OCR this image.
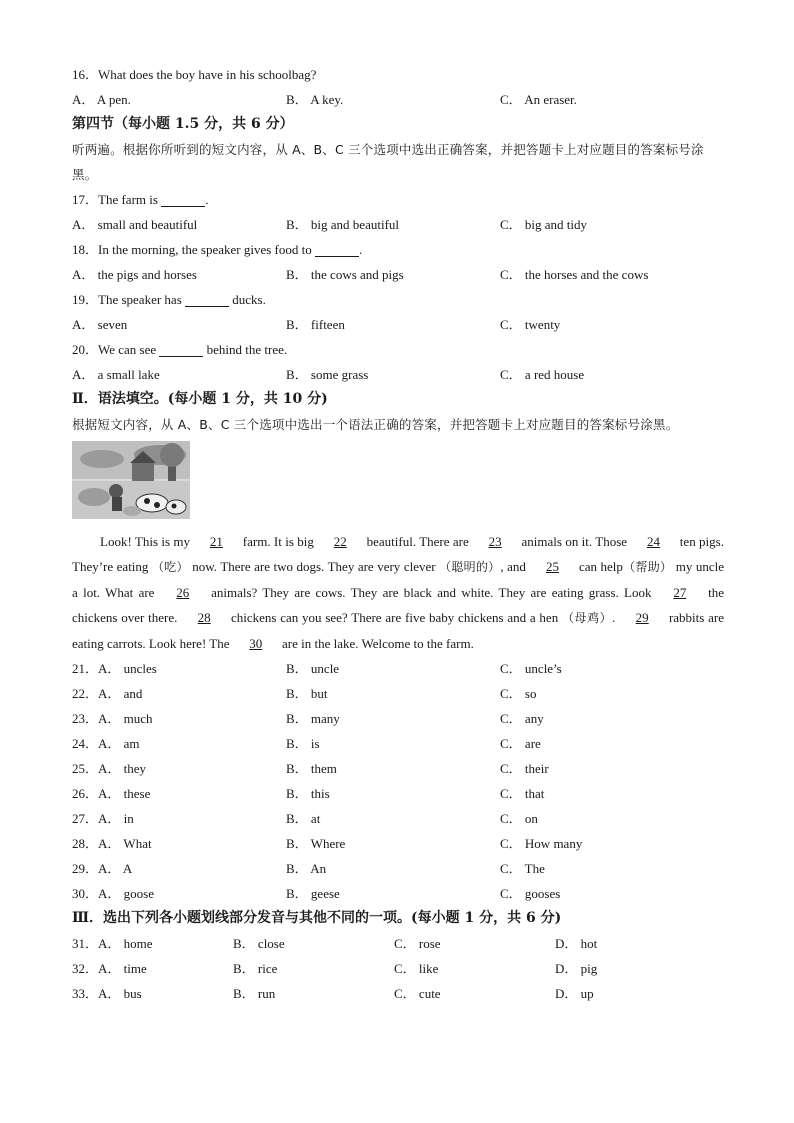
16．What does the boy have in his schoolbag?
A． A pen.	B． A key.	C． An eraser.
第四节（每小题 1.5 分，共 6 分）
听两遍。根据你所听到的短文内容，从 A、B、C 三个选项中选出正确答案，并把答题卡上对应题目的答案标号涂黑。
17．The farm is	.
A． small and beautiful	B． big and beautiful	C． big and tidy
18．In the morning, the speaker gives food to	.
A． the pigs and horses	B． the cows and pigs	C． the horses and the cows
19．The speaker has	ducks.
A． seven	B． fifteen	C． twenty
20．We can see	behind the tree.
A． a small lake	B． some grass	C． a red house
Ⅱ．语法填空。(每小题 1 分，共 10 分)
根据短文内容，从 A、B、C 三个选项中选出一个语法正确的答案，并把答题卡上对应题目的答案标号涂黑。
Look! This is my 21 farm. It is big 22 beautiful. There are 23 animals on it. Those 24 ten pigs. They’re eating （吃） now. There are two dogs. They are very clever （聪明的）, and 25 can help（帮助） my uncle a lot. What are 26 animals? They are cows. They are black and white. They are eating grass. Look 27 the chickens over there. 28 chickens can you see? There are five baby chickens and a hen （母鸡）. 29 rabbits are eating carrots. Look here! The 30 are in the lake. Welcome to the farm.
21．A． uncles	B． uncle	C． uncle’s
22．A． and	B． but	C． so
23．A． much	B． many	C． any
24．A． am	B． is	C． are
25．A． they	B． them	C． their
26．A． these	B． this	C． that
27．A． in	B． at	C． on
28．A． What	B． Where	C． How many
29．A． A	B． An	C． The
30．A． goose	B． geese	C． gooses
Ⅲ．选出下列各小题划线部分发音与其他不同的一项。(每小题 1 分，共 6 分)
31．A． home	B． close	C． rose	D． hot
32．A． time	B． rice	C． like	D． pig
33．A． bus	B． run	C． cute	D． up
